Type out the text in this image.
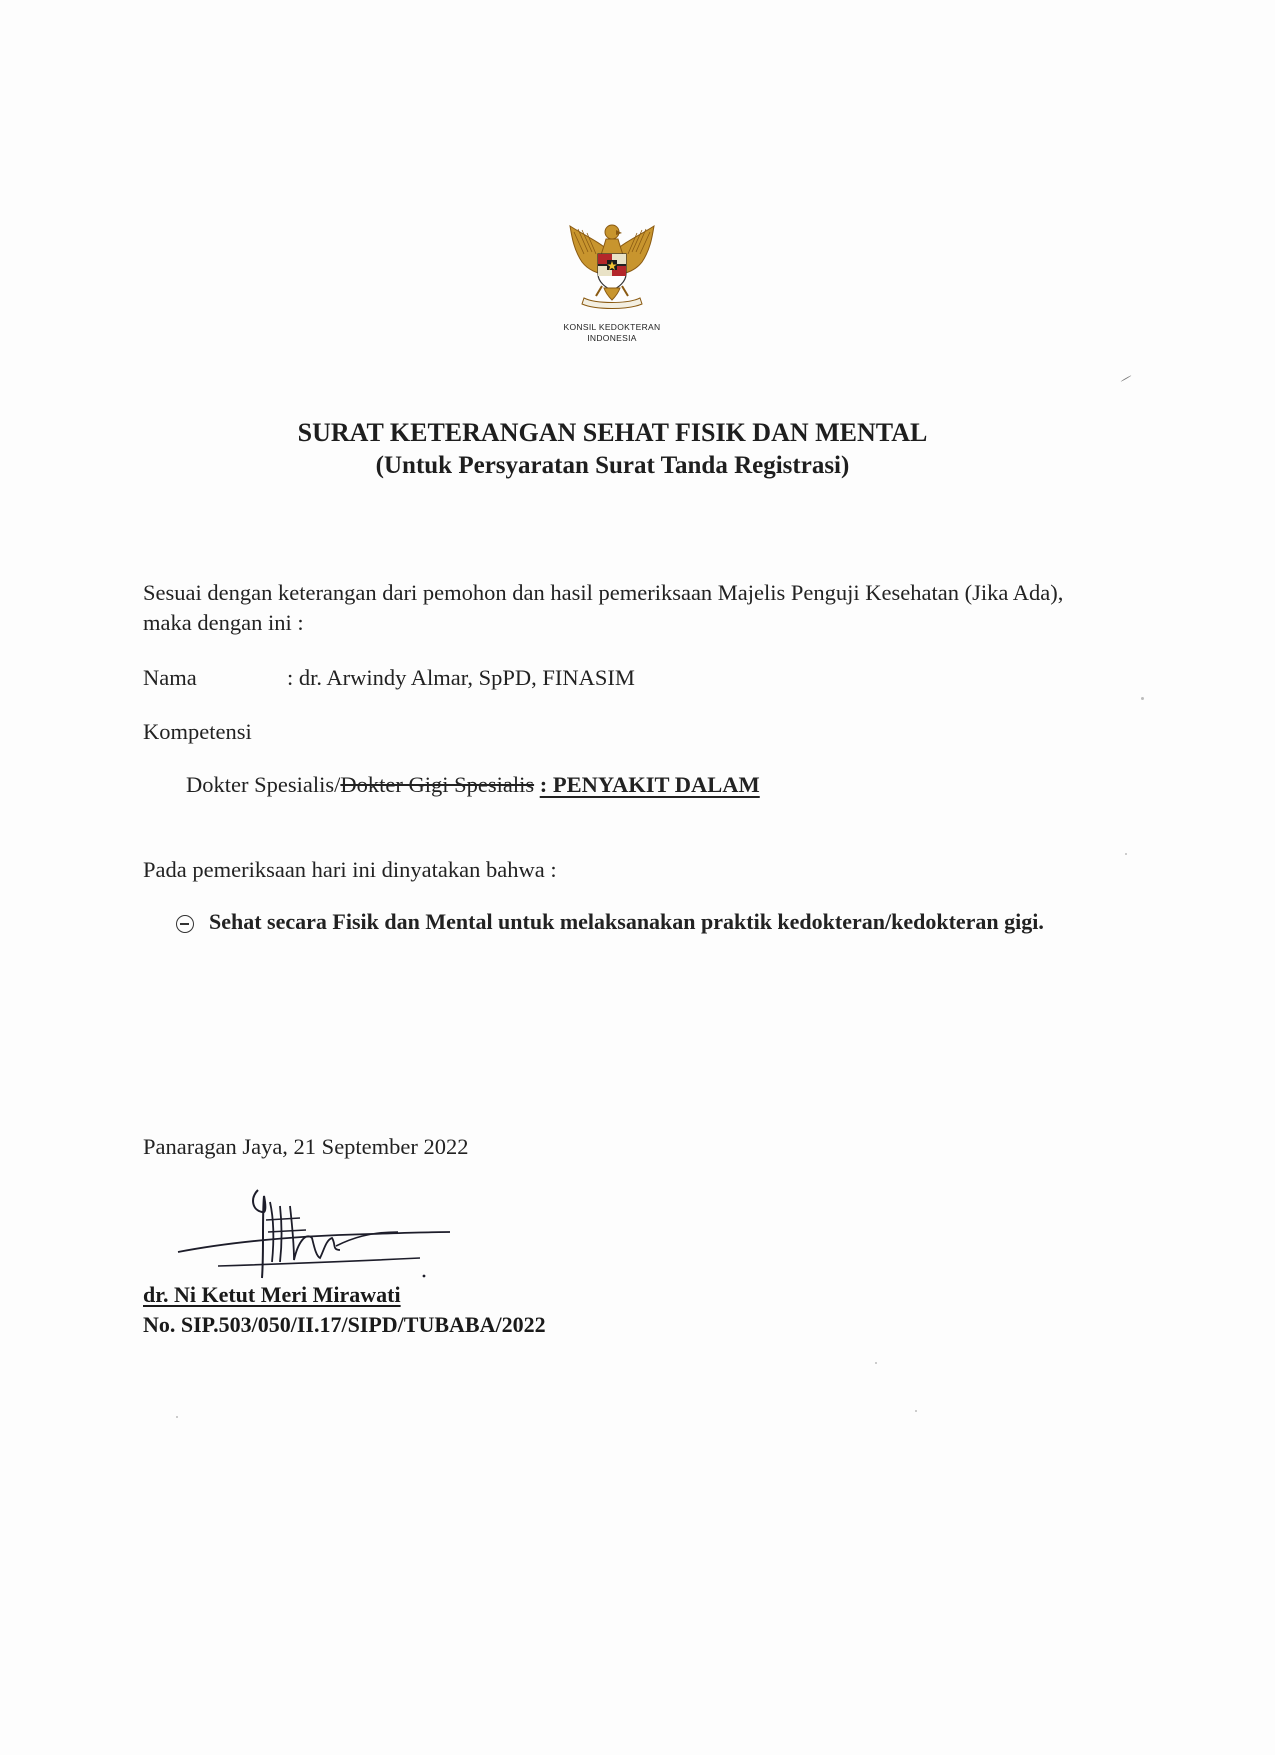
KONSIL KEDOKTERAN
INDONESIA
SURAT KETERANGAN SEHAT FISIK DAN MENTAL
(Untuk Persyaratan Surat Tanda Registrasi)
Sesuai dengan keterangan dari pemohon dan hasil pemeriksaan Majelis Penguji Kesehatan (Jika Ada), maka dengan ini :
Nama	: dr. Arwindy Almar, SpPD, FINASIM
Kompetensi
Dokter Spesialis/Dokter Gigi Spesialis : PENYAKIT DALAM
Pada pemeriksaan hari ini dinyatakan bahwa :
Sehat secara Fisik dan Mental untuk melaksanakan praktik kedokteran/kedokteran gigi.
Panaragan Jaya, 21 September 2022
dr. Ni Ketut Meri Mirawati
No. SIP.503/050/II.17/SIPD/TUBABA/2022
